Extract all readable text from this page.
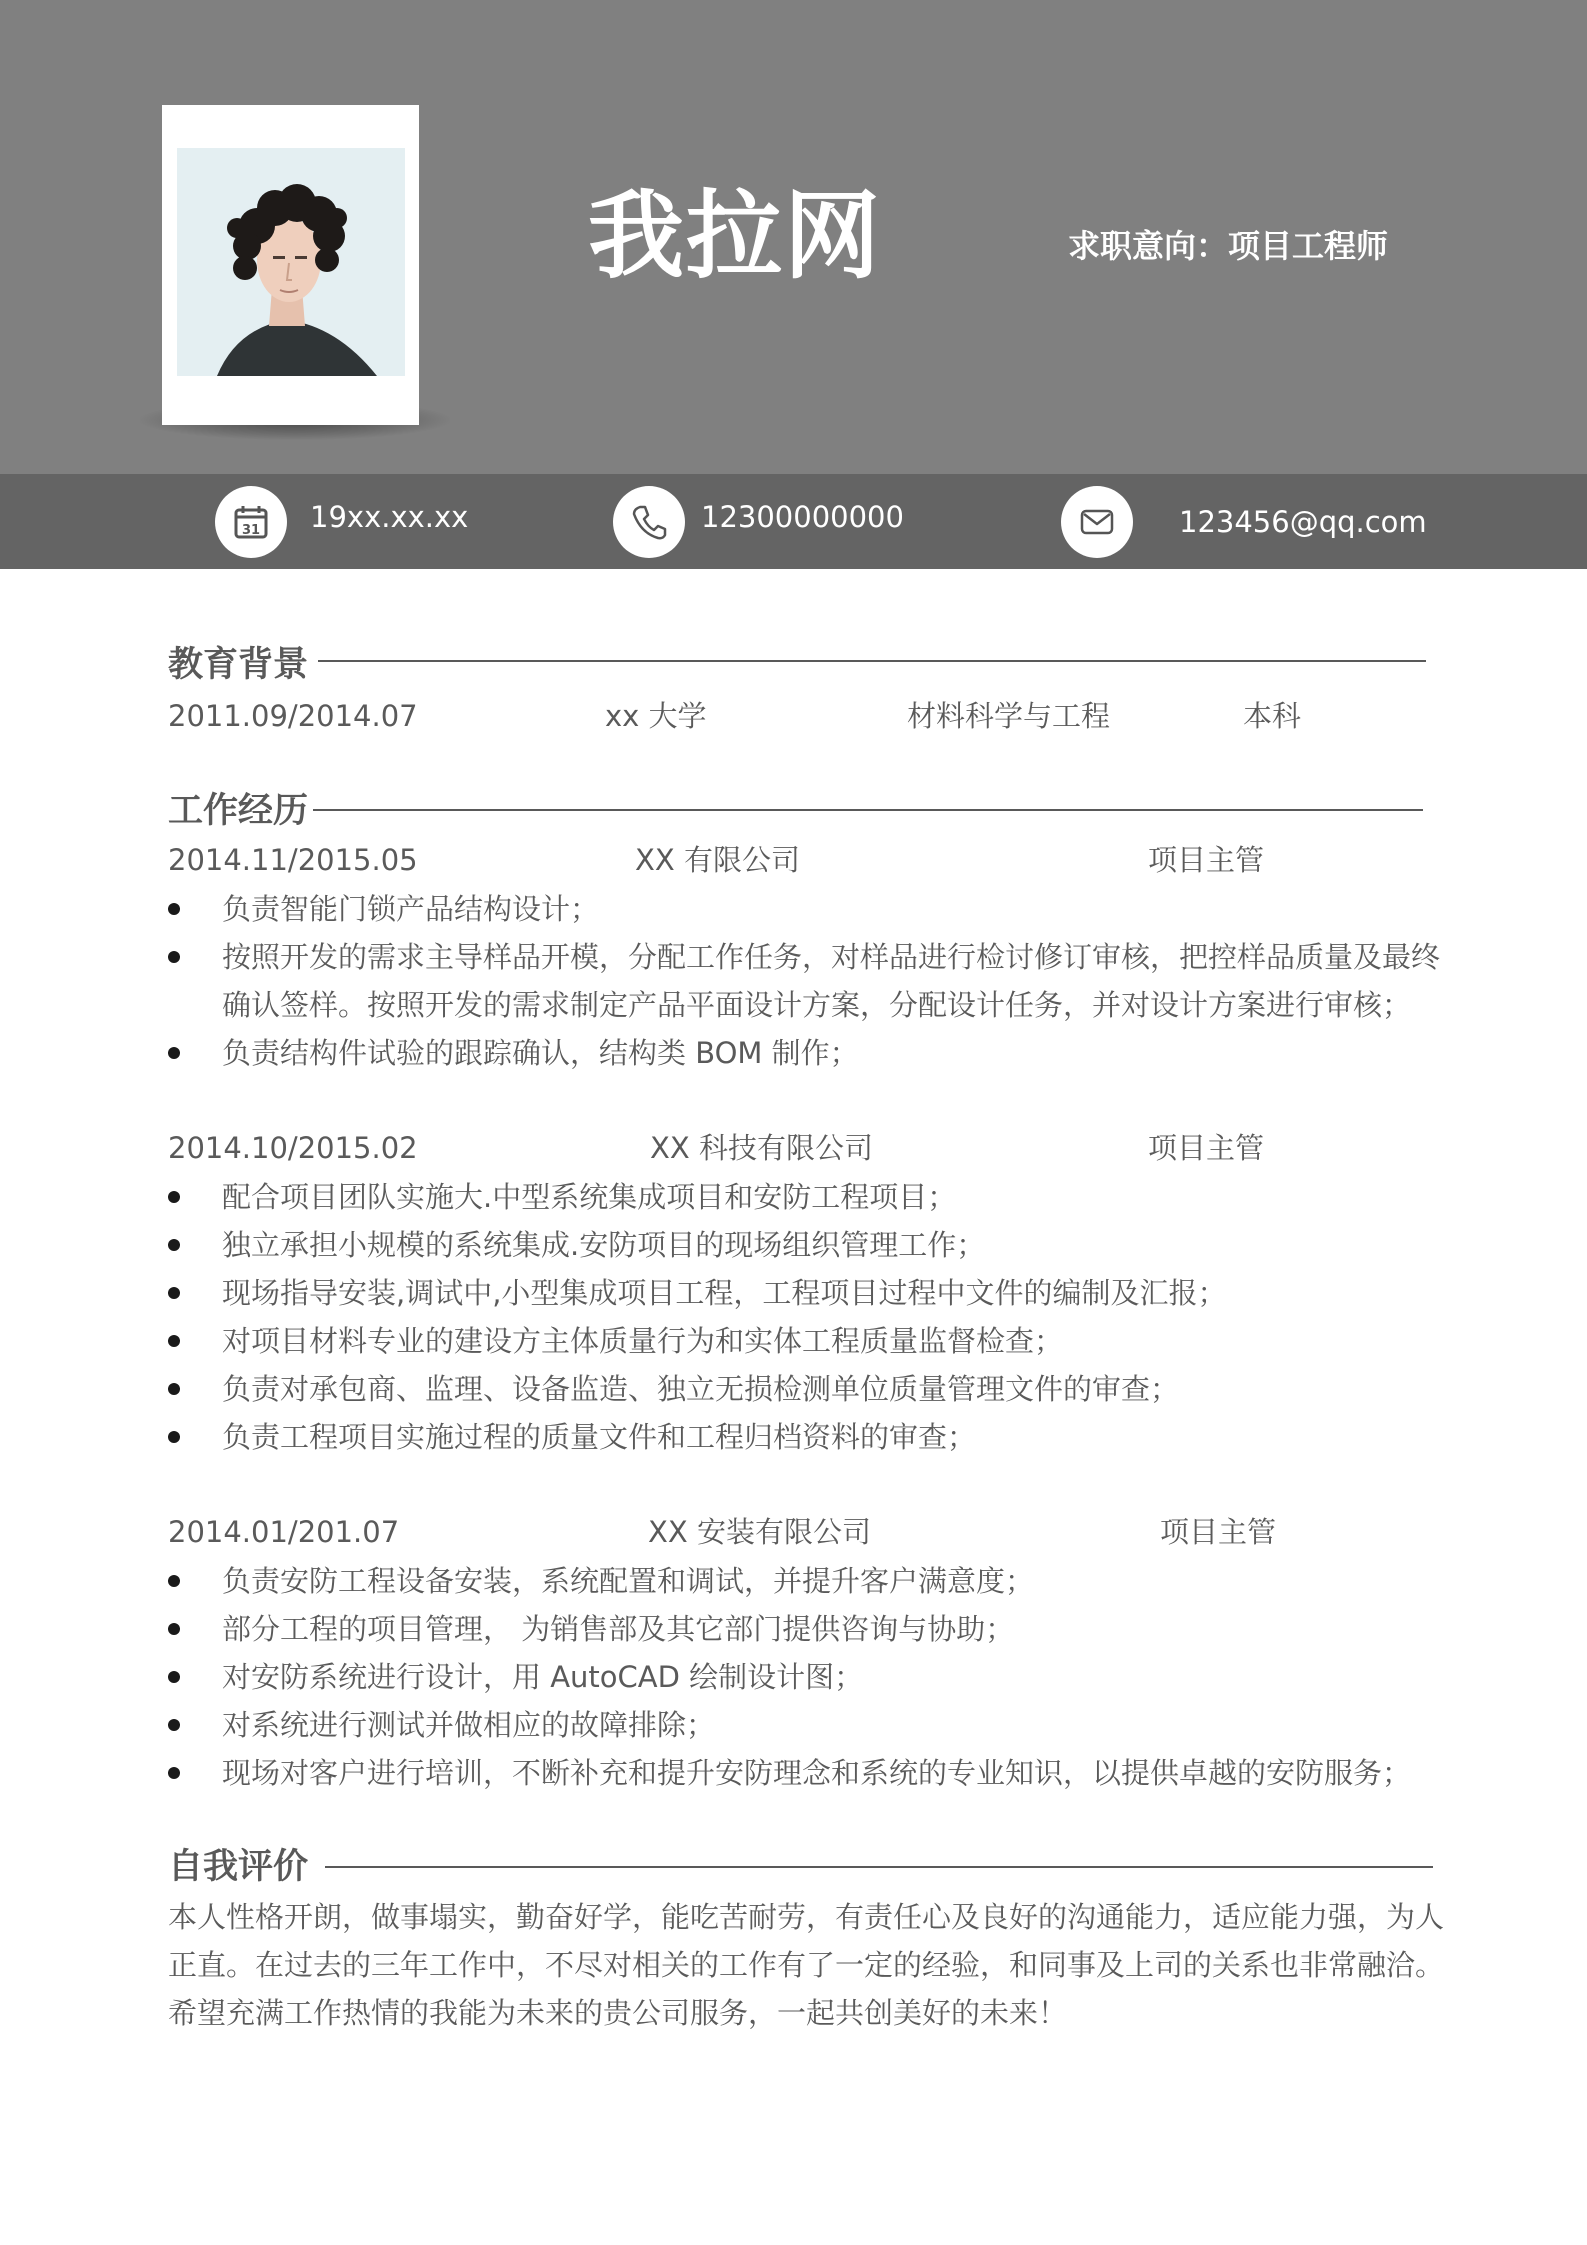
我拉网	求职意向：项目工程师
31 19xx.xx.xx	12300000000	123456@qq.com
教育背景
2011.09/2014.07	xx 大学	材料科学与工程	本科
工作经历
2014.11/2015.05	XX 有限公司	项目主管
负责智能门锁产品结构设计；
按照开发的需求主导样品开模，分配工作任务，对样品进行检讨修订审核，把控样品质量及最终
确认签样。按照开发的需求制定产品平面设计方案，分配设计任务，并对设计方案进行审核；
负责结构件试验的跟踪确认，结构类 BOM 制作；
2014.10/2015.02	XX 科技有限公司	项目主管
配合项目团队实施大.中型系统集成项目和安防工程项目；
独立承担小规模的系统集成.安防项目的现场组织管理工作；
现场指导安装,调试中,小型集成项目工程，工程项目过程中文件的编制及汇报；
对项目材料专业的建设方主体质量行为和实体工程质量监督检查；
负责对承包商、监理、设备监造、独立无损检测单位质量管理文件的审查；
负责工程项目实施过程的质量文件和工程归档资料的审查；
2014.01/201.07	XX 安装有限公司	项目主管
负责安防工程设备安装，系统配置和调试，并提升客户满意度；
部分工程的项目管理， 为销售部及其它部门提供咨询与协助；
对安防系统进行设计，用 AutoCAD 绘制设计图；
对系统进行测试并做相应的故障排除；
现场对客户进行培训，不断补充和提升安防理念和系统的专业知识，以提供卓越的安防服务；
自我评价
本人性格开朗，做事塌实，勤奋好学，能吃苦耐劳，有责任心及良好的沟通能力，适应能力强，为人
正直。在过去的三年工作中，不尽对相关的工作有了一定的经验，和同事及上司的关系也非常融洽。
希望充满工作热情的我能为未来的贵公司服务，一起共创美好的未来！
